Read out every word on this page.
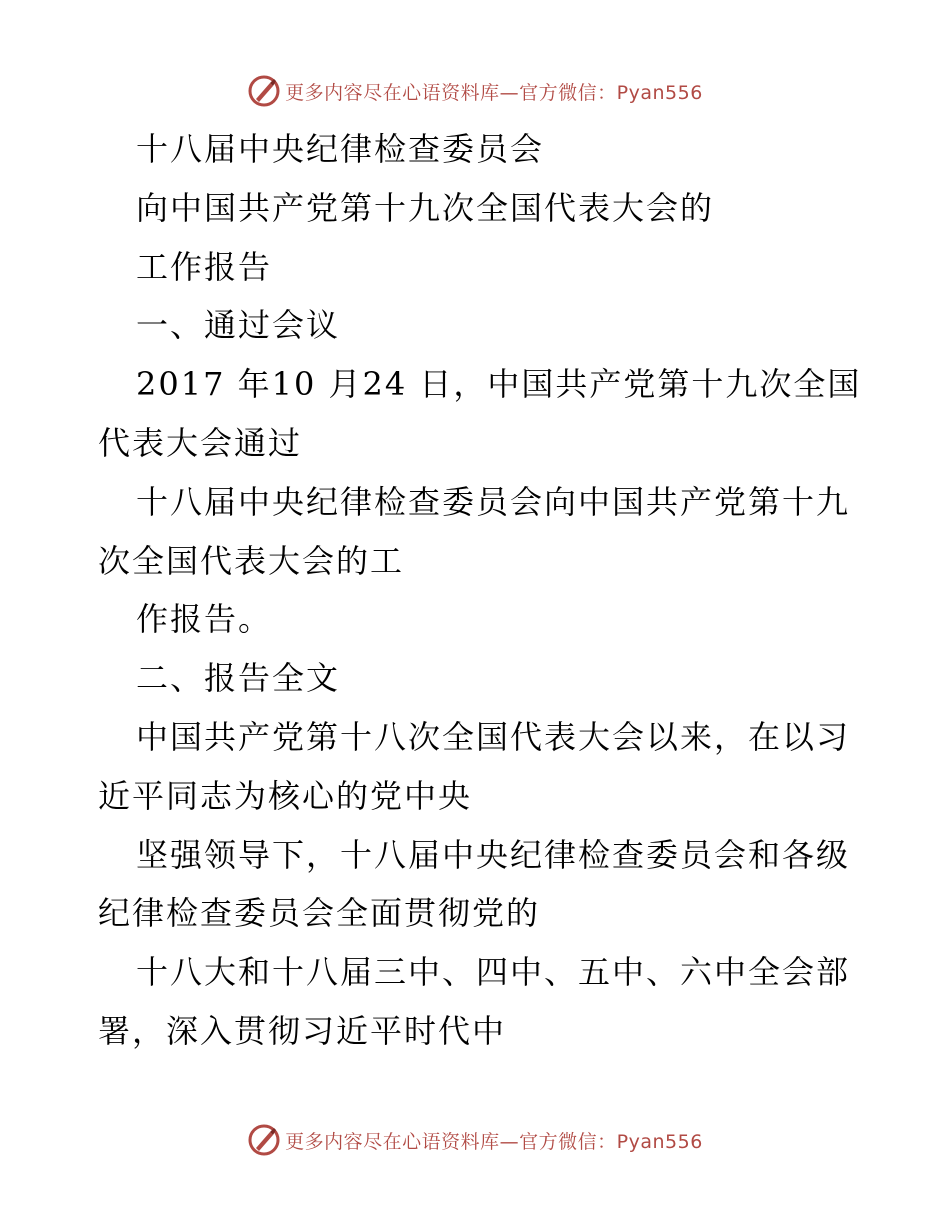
更多内容尽在心语资料库—官方微信：Pyan556
十八届中央纪律检查委员会
向中国共产党第十九次全国代表大会的
工作报告
一、通过会议
2017 年10 月24 日，中国共产党第十九次全国
代表大会通过
十八届中央纪律检查委员会向中国共产党第十九
次全国代表大会的工
作报告。
二、报告全文
中国共产党第十八次全国代表大会以来，在以习
近平同志为核心的党中央
坚强领导下，十八届中央纪律检查委员会和各级
纪律检查委员会全面贯彻党的
十八大和十八届三中、四中、五中、六中全会部
署，深入贯彻习近平时代中
更多内容尽在心语资料库—官方微信：Pyan556
